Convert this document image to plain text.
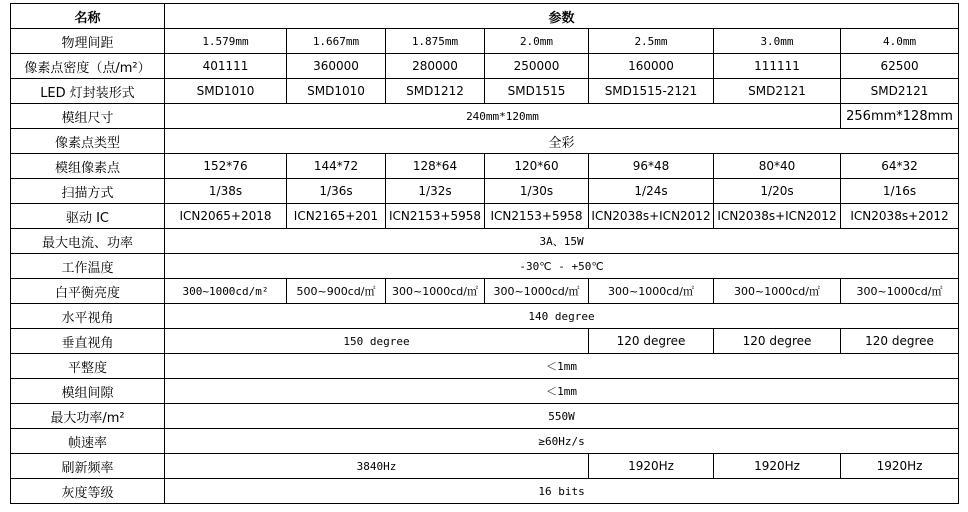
名称	参数						
物理间距	1.579mm	1.667mm	1.875mm	2.0mm	2.5mm	3.0mm	4.0mm
像素点密度（点/m²）	401111	360000	280000	250000	160000	111111	62500
LED 灯封装形式	SMD1010	SMD1010	SMD1212	SMD1515	SMD1515-2121	SMD2121	SMD2121
模组尺寸	240mm*120mm						256mm*128mm
像素点类型	全彩						
模组像素点	152*76	144*72	128*64	120*60	96*48	80*40	64*32
扫描方式	1/38s	1/36s	1/32s	1/30s	1/24s	1/20s	1/16s
驱动 IC	ICN2065+2018	ICN2165+201	ICN2153+5958	ICN2153+5958	ICN2038s+ICN2012	ICN2038s+ICN2012	ICN2038s+2012
最大电流、功率	3A、15W						
工作温度	-30℃ - +50℃						
白平衡亮度	300~1000cd/m²	500~900cd/㎡	300~1000cd/㎡	300~1000cd/㎡	300~1000cd/㎡	300~1000cd/㎡	300~1000cd/㎡
水平视角	140 degree						
垂直视角	150 degree				120 degree	120 degree	120 degree
平整度	＜1mm						
模组间隙	＜1mm						
最大功率/m²	550W						
帧速率	≥60Hz/s						
刷新频率	3840Hz				1920Hz	1920Hz	1920Hz
灰度等级	16 bits						
